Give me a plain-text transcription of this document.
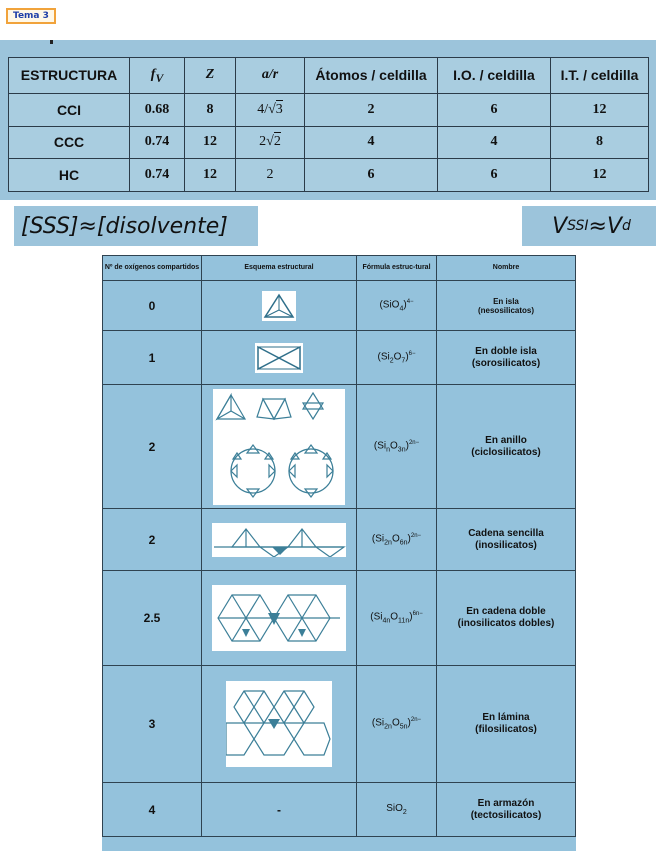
Tema 3
ESTRUCTURA	$f_V$	Z	a/r	Átomos / celdilla	I.O. / celdilla	I.T. / celdilla
CCI	0.68	8	4/√3	2	6	12
CCC	0.74	12	2√2	4	4	8
HC	0.74	12	2	6	6	12
[SSS]≈[disolvente]	V SSI ≈ V d
Nº de oxígenos compartidos	Esquema estructural	Fórmula estruc-tural	Nombre
0		$(SiO_4)^{4-}$	En isla
(nesosilicatos)

1		$(Si_2O_7)^{6-}$	En doble isla
(sorosilicatos)

2		$(Si_nO_{3n})^{2n-}$	En anillo
(ciclosilicatos)

2		$(Si_{2n}O_{6n})^{2n-}$	Cadena sencilla
(inosilicatos)

2.5		$(Si_{4n}O_{11n})^{6n-}$	En cadena doble
(inosilicatos dobles)

3		$(Si_{2n}O_{5n})^{2n-}$	En lámina
(filosilicatos)

4	-	SiO$_2$	En armazón
(tectosilicatos)
